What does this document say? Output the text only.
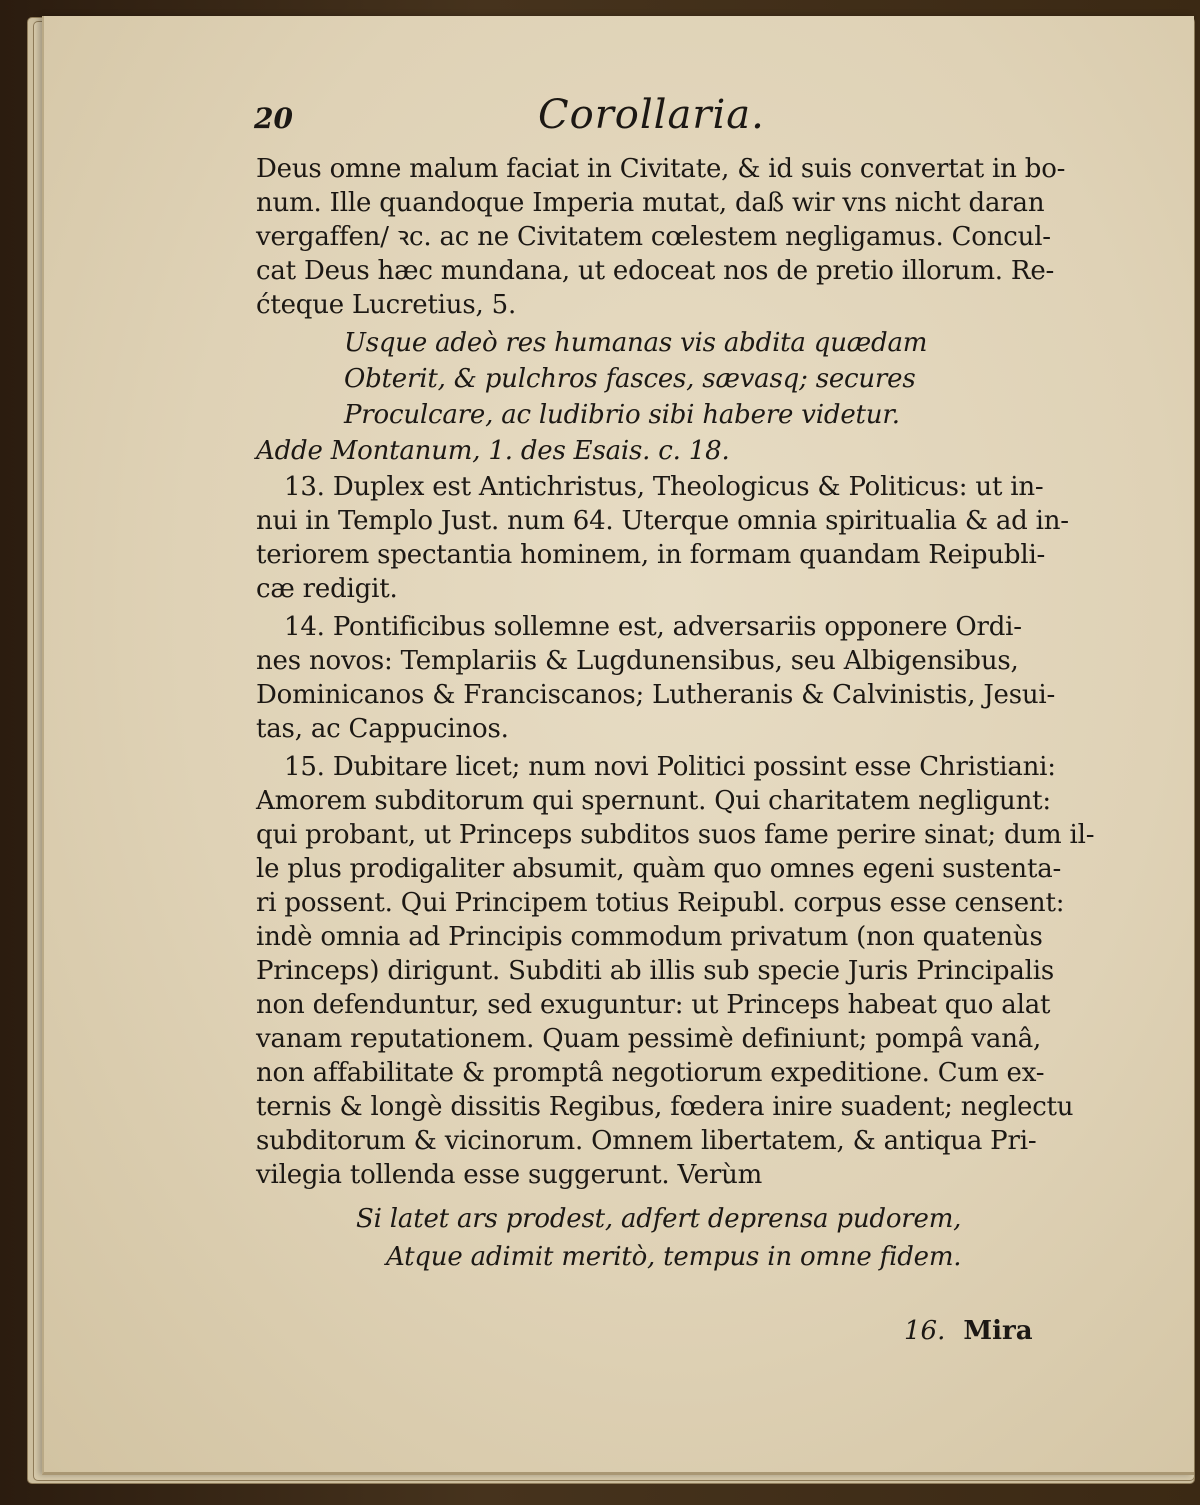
20	Corollaria.
Deus omne malum faciat in Civitate, & id suis convertat in bo-
num. Ille quandoque Imperia mutat, daß wir vns nicht daran
vergaffen/ ꝛc. ac ne Civitatem cœlestem negligamus. Concul-
cat Deus hæc mundana, ut edoceat nos de pretio illorum. Re-
ćteque Lucretius, 5.
Usque adeò res humanas vis abdita quædam
Obterit, & pulchros fasces, sævasq; secures
Proculcare, ac ludibrio sibi habere videtur.
Adde Montanum, 1. des Esais. c. 18.
13. Duplex est Antichristus, Theologicus & Politicus: ut in-
nui in Templo Just. num 64. Uterque omnia spiritualia & ad in-
teriorem spectantia hominem, in formam quandam Reipubli-
cæ redigit.
14. Pontificibus sollemne est, adversariis opponere Ordi-
nes novos: Templariis & Lugdunensibus, seu Albigensibus,
Dominicanos & Franciscanos; Lutheranis & Calvinistis, Jesui-
tas, ac Cappucinos.
15. Dubitare licet; num novi Politici possint esse Christiani:
Amorem subditorum qui spernunt. Qui charitatem negligunt:
qui probant, ut Princeps subditos suos fame perire sinat; dum il-
le plus prodigaliter absumit, quàm quo omnes egeni sustenta-
ri possent. Qui Principem totius Reipubl. corpus esse censent:
indè omnia ad Principis commodum privatum (non quatenùs
Princeps) dirigunt. Subditi ab illis sub specie Juris Principalis
non defenduntur, sed exuguntur: ut Princeps habeat quo alat
vanam reputationem. Quam pessimè definiunt; pompâ vanâ,
non affabilitate & promptâ negotiorum expeditione. Cum ex-
ternis & longè dissitis Regibus, fœdera inire suadent; neglectu
subditorum & vicinorum. Omnem libertatem, & antiqua Pri-
vilegia tollenda esse suggerunt. Verùm
Si latet ars prodest, adfert deprensa pudorem,
Atque adimit meritò, tempus in omne fidem.
16. Mira
